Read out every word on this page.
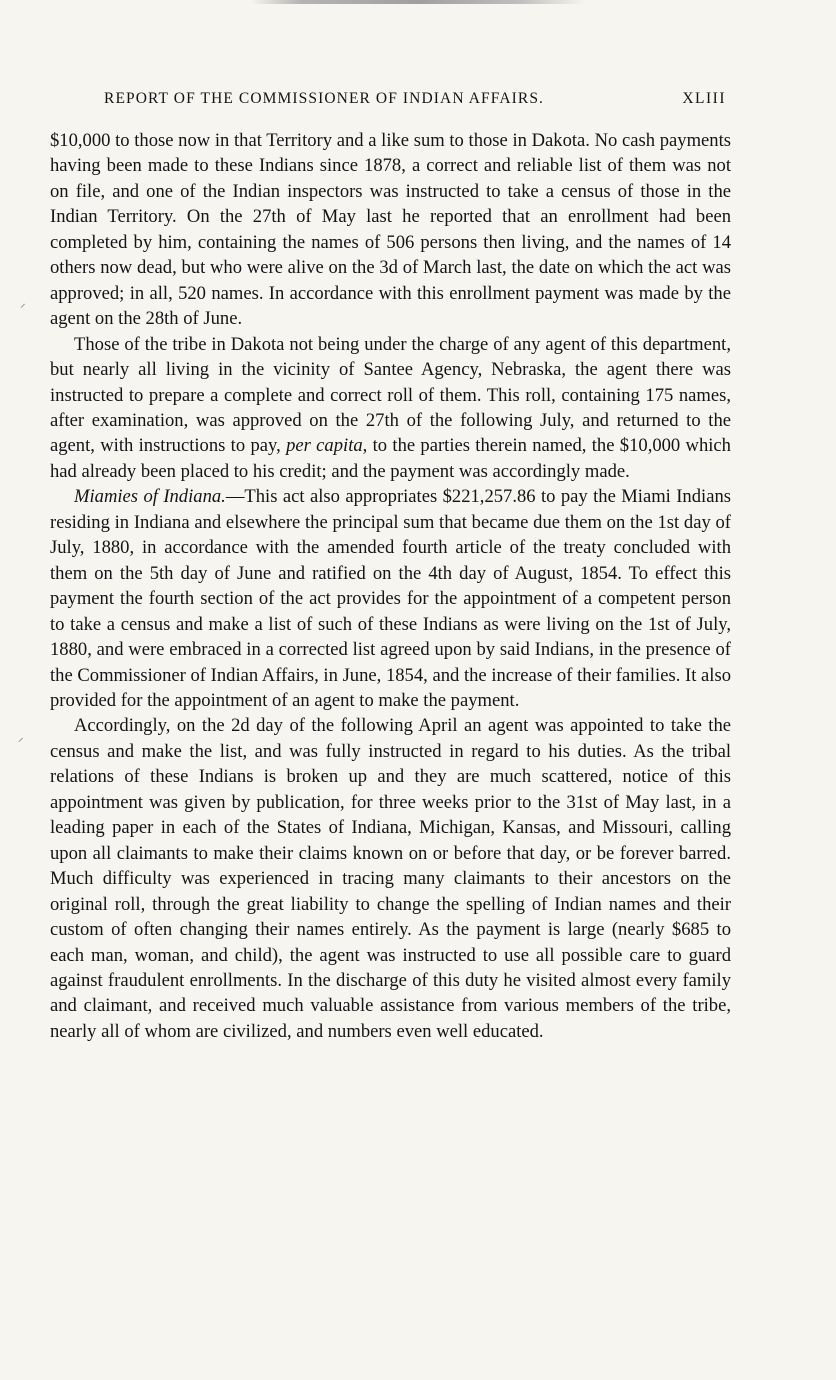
REPORT OF THE COMMISSIONER OF INDIAN AFFAIRS.	XLIII
⸝
⸝

$10,000 to those now in that Territory and a like sum to those in Dakota. No cash payments having been made to these Indians since 1878, a correct and reliable list of them was not on file, and one of the Indian inspectors was instructed to take a census of those in the Indian Territory. On the 27th of May last he reported that an enrollment had been completed by him, containing the names of 506 persons then living, and the names of 14 others now dead, but who were alive on the 3d of March last, the date on which the act was approved; in all, 520 names. In accordance with this enrollment payment was made by the agent on the 28th of June.

Those of the tribe in Dakota not being under the charge of any agent of this department, but nearly all living in the vicinity of Santee Agency, Nebraska, the agent there was instructed to prepare a complete and correct roll of them. This roll, containing 175 names, after examination, was approved on the 27th of the following July, and returned to the agent, with instructions to pay, per capita, to the parties therein named, the $10,000 which had already been placed to his credit; and the payment was accordingly made.

Miamies of Indiana.—This act also appropriates $221,257.86 to pay the Miami Indians residing in Indiana and elsewhere the principal sum that became due them on the 1st day of July, 1880, in accordance with the amended fourth article of the treaty concluded with them on the 5th day of June and ratified on the 4th day of August, 1854. To effect this payment the fourth section of the act provides for the appointment of a competent person to take a census and make a list of such of these Indians as were living on the 1st of July, 1880, and were embraced in a corrected list agreed upon by said Indians, in the presence of the Commissioner of Indian Affairs, in June, 1854, and the increase of their families. It also provided for the appointment of an agent to make the payment.

Accordingly, on the 2d day of the following April an agent was appointed to take the census and make the list, and was fully instructed in regard to his duties. As the tribal relations of these Indians is broken up and they are much scattered, notice of this appointment was given by publication, for three weeks prior to the 31st of May last, in a leading paper in each of the States of Indiana, Michigan, Kansas, and Missouri, calling upon all claimants to make their claims known on or before that day, or be forever barred. Much difficulty was experienced in tracing many claimants to their ancestors on the original roll, through the great liability to change the spelling of Indian names and their custom of often changing their names entirely. As the payment is large (nearly $685 to each man, woman, and child), the agent was instructed to use all possible care to guard against fraudulent enrollments. In the discharge of this duty he visited almost every family and claimant, and received much valuable assistance from various members of the tribe, nearly all of whom are civilized, and numbers even well educated.
